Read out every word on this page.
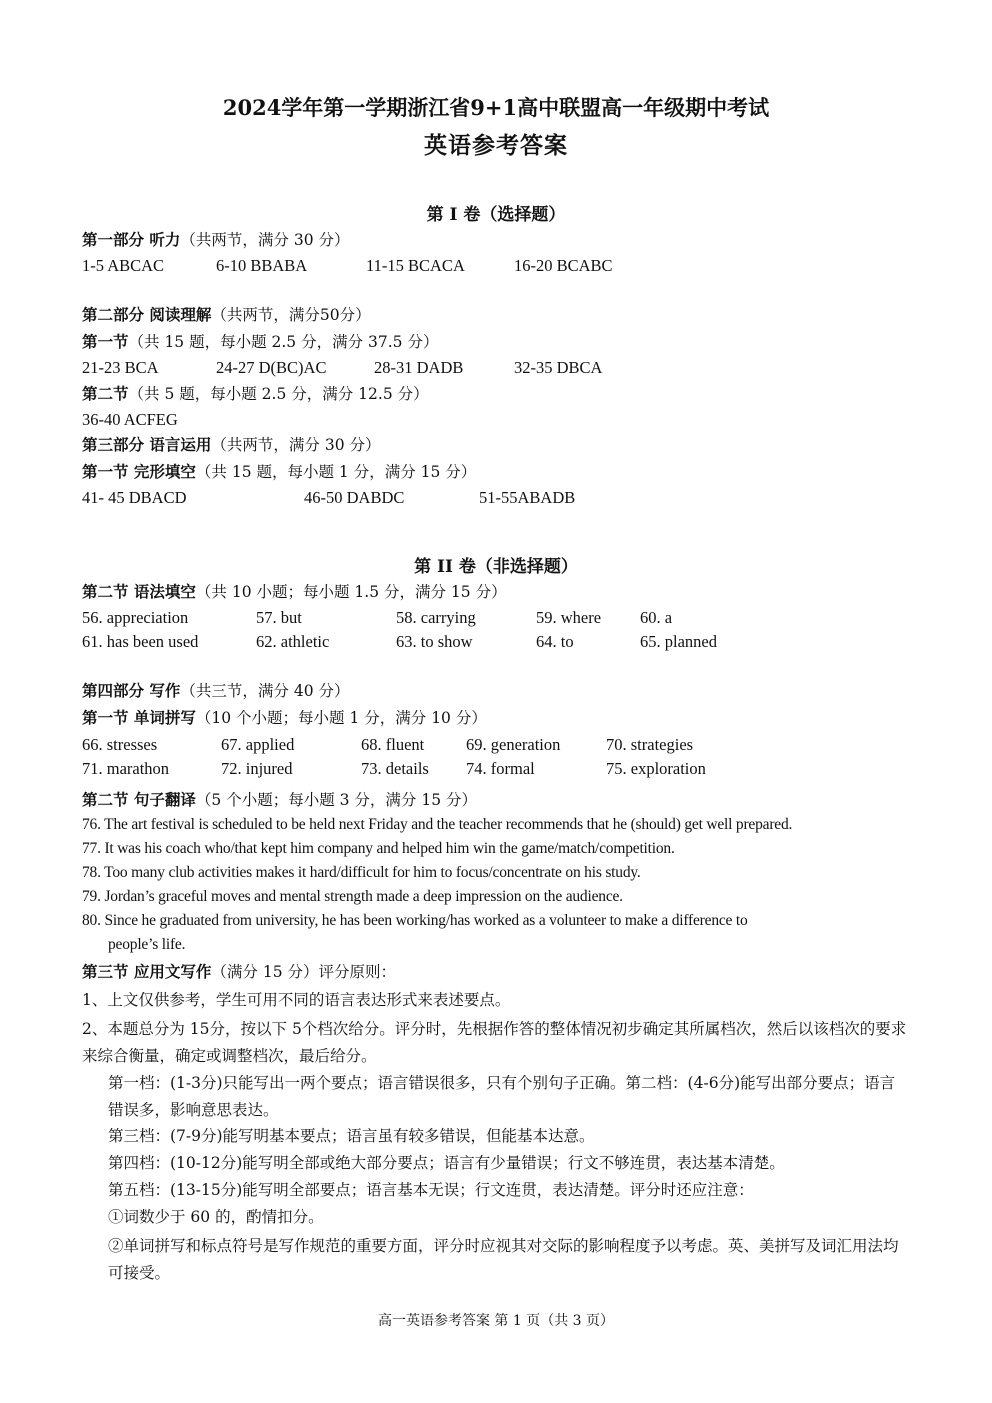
2024学年第一学期浙江省9+1高中联盟高一年级期中考试
英语参考答案
第 I 卷（选择题）
第一部分 听力（共两节，满分 30 分）
1-5 ABCAC	6-10 BBABA	11-15 BCACA	16-20 BCABC
第二部分 阅读理解（共两节，满分50分）
第一节（共 15 题，每小题 2.5 分，满分 37.5 分）
21-23 BCA	24-27 D(BC)AC	28-31 DADB	32-35 DBCA
第二节（共 5 题，每小题 2.5 分，满分 12.5 分）
36-40 ACFEG
第三部分 语言运用（共两节，满分 30 分）
第一节 完形填空（共 15 题，每小题 1 分，满分 15 分）
41- 45 DBACD	46-50 DABDC	51-55ABADB
第 II 卷（非选择题）
第二节 语法填空（共 10 小题；每小题 1.5 分，满分 15 分）
56. appreciation	57. but	58. carrying	59. where 60. a
61. has been used	62. athletic	63. to show	64. to	65. planned
第四部分 写作（共三节，满分 40 分）
第一节 单词拼写（10 个小题；每小题 1 分，满分 10 分）
66. stresses	67. applied	68. fluent	69. generation	70. strategies
71. marathon	72. injured	73. details 74. formal	75. exploration
第二节 句子翻译（5 个小题；每小题 3 分，满分 15 分）
76. The art festival is scheduled to be held next Friday and the teacher recommends that he (should) get well prepared.
77. It was his coach who/that kept him company and helped him win the game/match/competition.
78. Too many club activities makes it hard/difficult for him to focus/concentrate on his study.
79. Jordan’s graceful moves and mental strength made a deep impression on the audience.
80. Since he graduated from university, he has been working/has worked as a volunteer to make a difference to
people’s life.
第三节 应用文写作（满分 15 分）评分原则：
1、上文仅供参考，学生可用不同的语言表达形式来表述要点。
2、本题总分为 15分，按以下 5个档次给分。评分时，先根据作答的整体情况初步确定其所属档次，然后以该档次的要求来综合衡量，确定或调整档次，最后给分。
第一档：(1-3分)只能写出一两个要点；语言错误很多，只有个别句子正确。第二档：(4-6分)能写出部分要点；语言错误多，影响意思表达。
第三档：(7-9分)能写明基本要点；语言虽有较多错误，但能基本达意。
第四档：(10-12分)能写明全部或绝大部分要点；语言有少量错误；行文不够连贯，表达基本清楚。
第五档：(13-15分)能写明全部要点；语言基本无误；行文连贯，表达清楚。评分时还应注意：
①词数少于 60 的，酌情扣分。
②单词拼写和标点符号是写作规范的重要方面，评分时应视其对交际的影响程度予以考虑。英、美拼写及词汇用法均可接受。
高一英语参考答案 第 1 页（共 3 页）
